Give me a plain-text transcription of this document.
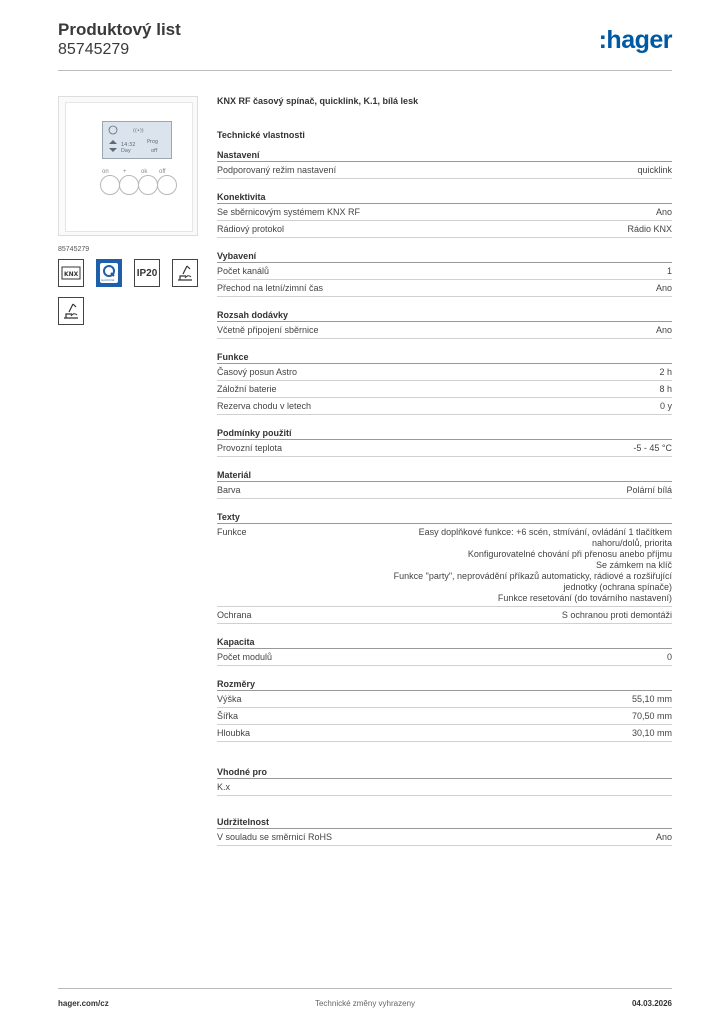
Produktový list
85745279	:hager
((•))
14:32 Prog
Day	off
on + ok off
85745279
KNX
quicklink
IP20
KNX RF časový spínač, quicklink, K.1, bílá lesk
Technické vlastnosti
Nastavení
Podporovaný režim nastavení	quicklink
Konektivita
Se sběrnicovým systémem KNX RF	Ano
Rádiový protokol	Rádio KNX
Vybavení
Počet kanálů	1
Přechod na letní/zimní čas	Ano
Rozsah dodávky
Včetně připojení sběrnice	Ano
Funkce
Časový posun Astro	2 h
Záložní baterie	8 h
Rezerva chodu v letech	0 y
Podmínky použití
Provozní teplota	-5 - 45 °C
Materiál
Barva	Polární bílá
Texty
Funkce	Easy doplňkové funkce: +6 scén, stmívání, ovládání 1 tlačítkem nahoru/dolů, priorita
Konfigurovatelné chování při přenosu anebo příjmu
Se zámkem na klíč
Funkce "party", neprovádění příkazů automaticky, rádiové a rozšiřující jednotky (ochrana spínače)
Funkce resetování (do továrního nastavení)
Ochrana	S ochranou proti demontáži
Kapacita
Počet modulů	0
Rozměry
Výška	55,10 mm
Šířka	70,50 mm
Hloubka	30,10 mm
Vhodné pro
K.x
Udržitelnost
V souladu se směrnicí RoHS	Ano
hager.com/cz	Technické změny vyhrazeny	04.03.2026
